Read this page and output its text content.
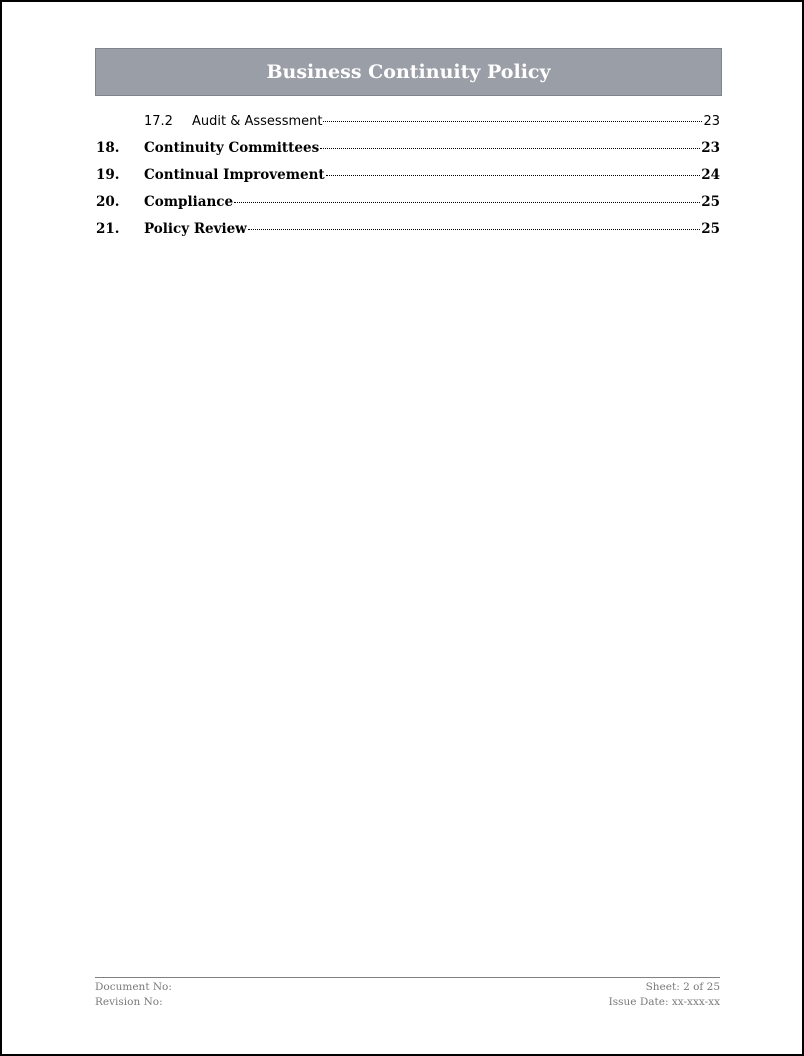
Business Continuity Policy
17.2	Audit & Assessment	23
18.	Continuity Committees	23
19.	Continual Improvement	24
20.	Compliance	25
21.	Policy Review	25
Document No:	Sheet: 2 of 25
Revision No:	Issue Date: xx-xxx-xx
